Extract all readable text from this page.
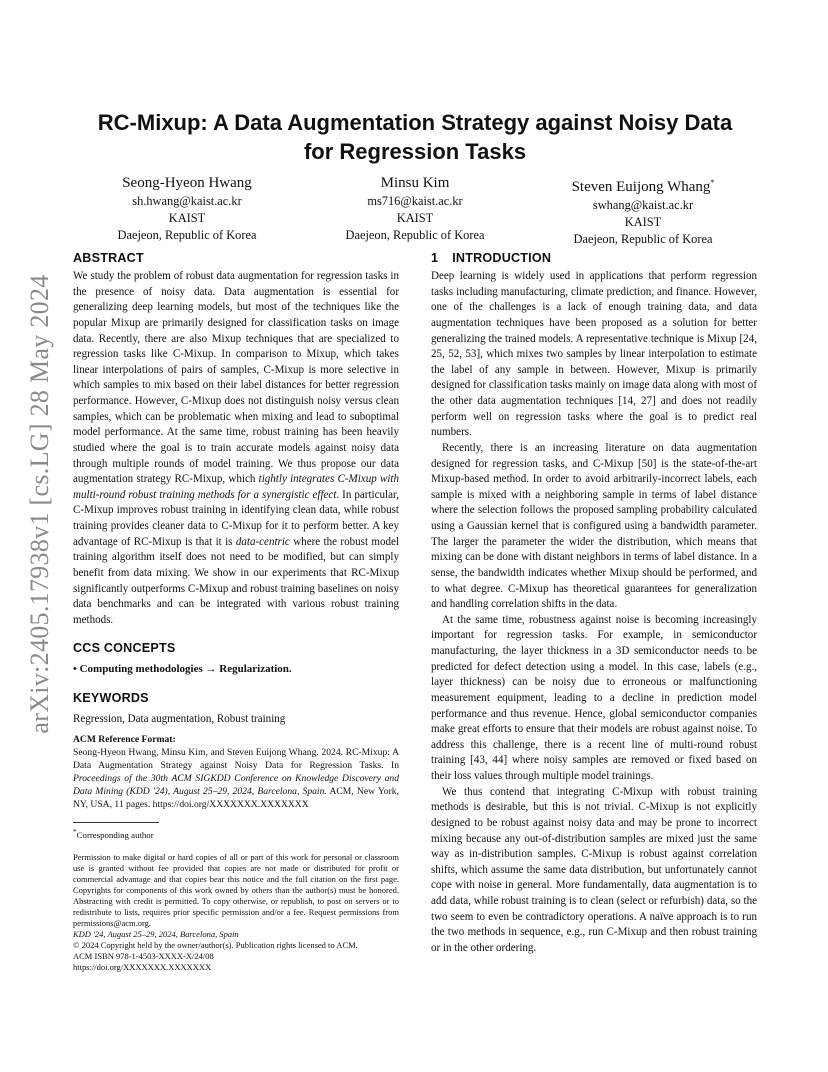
arXiv:2405.17938v1 [cs.LG] 28 May 2024
RC-Mixup: A Data Augmentation Strategy against Noisy Data
for Regression Tasks
Seong-Hyeon Hwang
sh.hwang@kaist.ac.kr
KAIST
Daejeon, Republic of Korea
Minsu Kim
ms716@kaist.ac.kr
KAIST
Daejeon, Republic of Korea
Steven Euijong Whang*
swhang@kaist.ac.kr
KAIST
Daejeon, Republic of Korea
ABSTRACT

We study the problem of robust data augmentation for regression tasks in the presence of noisy data. Data augmentation is essential for generalizing deep learning models, but most of the techniques like the popular Mixup are primarily designed for classification tasks on image data. Recently, there are also Mixup techniques that are specialized to regression tasks like C-Mixup. In comparison to Mixup, which takes linear interpolations of pairs of samples, C-Mixup is more selective in which samples to mix based on their label distances for better regression performance. However, C-Mixup does not distinguish noisy versus clean samples, which can be problematic when mixing and lead to suboptimal model performance. At the same time, robust training has been heavily studied where the goal is to train accurate models against noisy data through multiple rounds of model training. We thus propose our data augmentation strategy RC-Mixup, which tightly integrates C-Mixup with multi-round robust training methods for a synergistic effect. In particular, C-Mixup improves robust training in identifying clean data, while robust training provides cleaner data to C-Mixup for it to perform better. A key advantage of RC-Mixup is that it is data-centric where the robust model training algorithm itself does not need to be modified, but can simply benefit from data mixing. We show in our experiments that RC-Mixup significantly outperforms C-Mixup and robust training baselines on noisy data benchmarks and can be integrated with various robust training methods.

CCS CONCEPTS

• Computing methodologies → Regularization.

KEYWORDS

Regression, Data augmentation, Robust training

ACM Reference Format:

Seong-Hyeon Hwang, Minsu Kim, and Steven Euijong Whang. 2024. RC-Mixup: A Data Augmentation Strategy against Noisy Data for Regression Tasks. In Proceedings of the 30th ACM SIGKDD Conference on Knowledge Discovery and Data Mining (KDD '24), August 25–29, 2024, Barcelona, Spain. ACM, New York, NY, USA, 11 pages. https://doi.org/XXXXXXX.XXXXXXX

*Corresponding author

Permission to make digital or hard copies of all or part of this work for personal or classroom use is granted without fee provided that copies are not made or distributed for profit or commercial advantage and that copies bear this notice and the full citation on the first page. Copyrights for components of this work owned by others than the author(s) must be honored. Abstracting with credit is permitted. To copy otherwise, or republish, to post on servers or to redistribute to lists, requires prior specific permission and/or a fee. Request permissions from permissions@acm.org.
KDD '24, August 25–29, 2024, Barcelona, Spain
© 2024 Copyright held by the owner/author(s). Publication rights licensed to ACM.
ACM ISBN 978-1-4503-XXXX-X/24/08
https://doi.org/XXXXXXX.XXXXXXX
1 INTRODUCTION

Deep learning is widely used in applications that perform regression tasks including manufacturing, climate prediction, and finance. However, one of the challenges is a lack of enough training data, and data augmentation techniques have been proposed as a solution for better generalizing the trained models. A representative technique is Mixup [24, 25, 52, 53], which mixes two samples by linear interpolation to estimate the label of any sample in between. However, Mixup is primarily designed for classification tasks mainly on image data along with most of the other data augmentation techniques [14, 27] and does not readily perform well on regression tasks where the goal is to predict real numbers.

Recently, there is an increasing literature on data augmentation designed for regression tasks, and C-Mixup [50] is the state-of-the-art Mixup-based method. In order to avoid arbitrarily-incorrect labels, each sample is mixed with a neighboring sample in terms of label distance where the selection follows the proposed sampling probability calculated using a Gaussian kernel that is configured using a bandwidth parameter. The larger the parameter the wider the distribution, which means that mixing can be done with distant neighbors in terms of label distance. In a sense, the bandwidth indicates whether Mixup should be performed, and to what degree. C-Mixup has theoretical guarantees for generalization and handling correlation shifts in the data.

At the same time, robustness against noise is becoming increasingly important for regression tasks. For example, in semiconductor manufacturing, the layer thickness in a 3D semiconductor needs to be predicted for defect detection using a model. In this case, labels (e.g., layer thickness) can be noisy due to erroneous or malfunctioning measurement equipment, leading to a decline in prediction model performance and thus revenue. Hence, global semiconductor companies make great efforts to ensure that their models are robust against noise. To address this challenge, there is a recent line of multi-round robust training [43, 44] where noisy samples are removed or fixed based on their loss values through multiple model trainings.

We thus contend that integrating C-Mixup with robust training methods is desirable, but this is not trivial. C-Mixup is not explicitly designed to be robust against noisy data and may be prone to incorrect mixing because any out-of-distribution samples are mixed just the same way as in-distribution samples. C-Mixup is robust against correlation shifts, which assume the same data distribution, but unfortunately cannot cope with noise in general. More fundamentally, data augmentation is to add data, while robust training is to clean (select or refurbish) data, so the two seem to even be contradictory operations. A naïve approach is to run the two methods in sequence, e.g., run C-Mixup and then robust training or in the other ordering.
